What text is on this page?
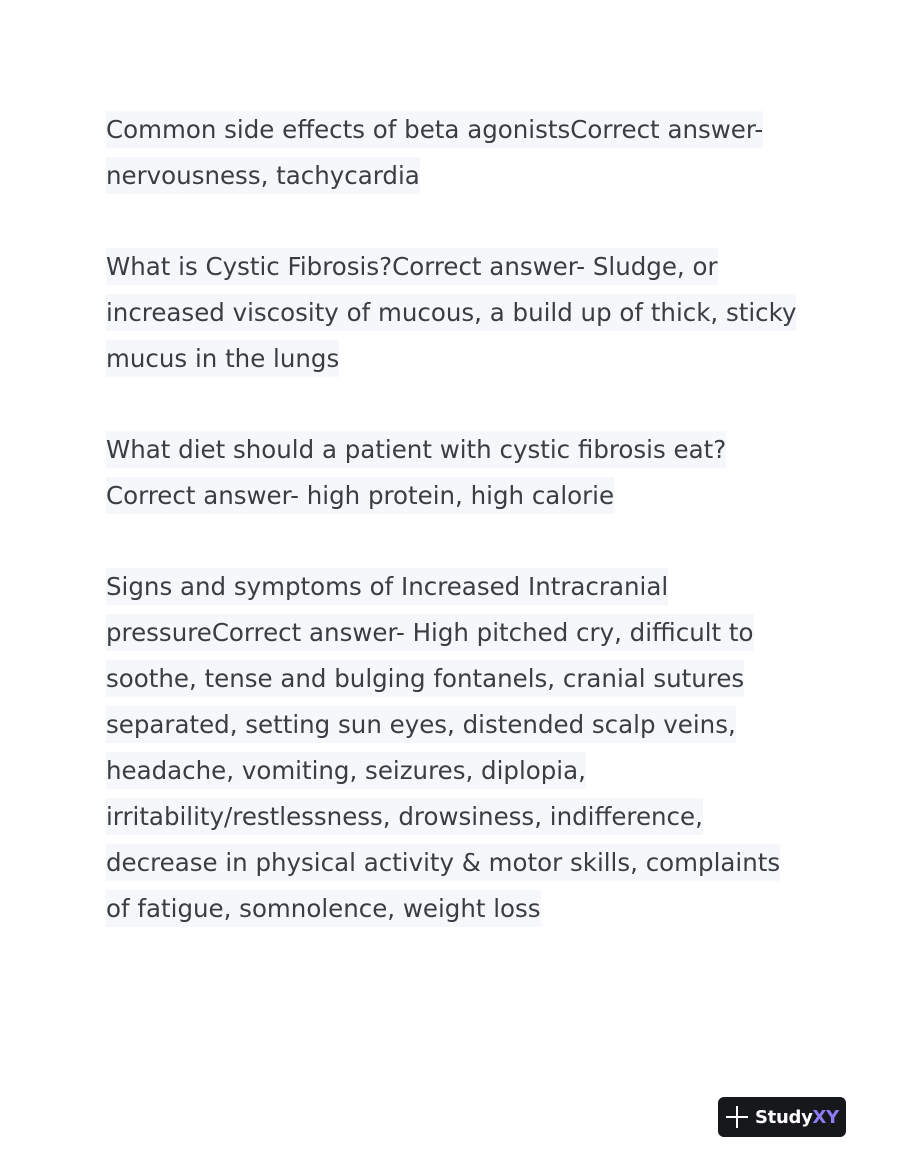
Common side effects of beta agonistsCorrect answer- nervousness, tachycardia

What is Cystic Fibrosis?Correct answer- Sludge, or increased viscosity of mucous, a build up of thick, sticky mucus in the lungs

What diet should a patient with cystic fibrosis eat?Correct answer- high protein, high calorie

Signs and symptoms of Increased Intracranial pressureCorrect answer- High pitched cry, difficult to soothe, tense and bulging fontanels, cranial sutures separated, setting sun eyes, distended scalp veins, headache, vomiting, seizures, diplopia, irritability/restlessness, drowsiness, indifference, decrease in physical activity & motor skills, complaints of fatigue, somnolence, weight loss

StudyXY
